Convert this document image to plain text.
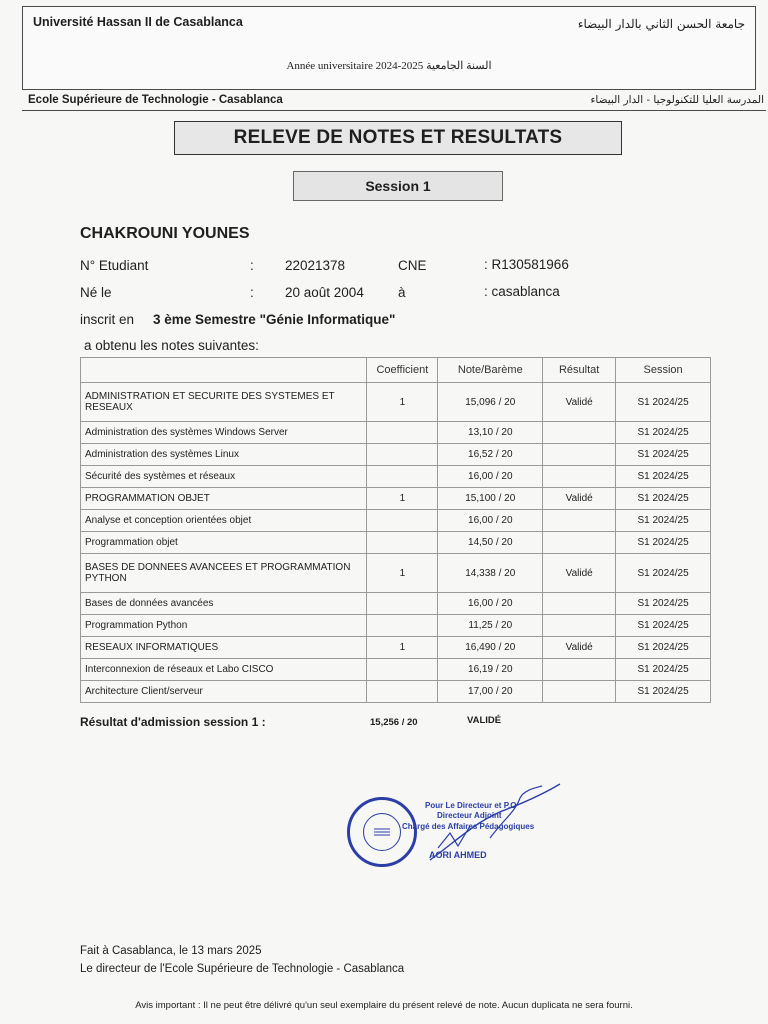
Université Hassan II de Casablanca	جامعة الحسن الثاني بالدار البيضاء
Année universitaire 2024-2025 السنة الجامعية
Ecole Supérieure de Technologie - Casablanca	المدرسة العليا للتكنولوجيا - الدار البيضاء
RELEVE DE NOTES ET RESULTATS
Session 1
CHAKROUNI YOUNES
N° Etudiant	: 22021378	CNE	: R130581966
Né le	: 20 août 2004	à	: casablanca
inscrit en 3 ème Semestre "Génie Informatique"
a obtenu les notes suivantes:
	Coefficient	Note/Barème	Résultat	Session
ADMINISTRATION ET SECURITE DES SYSTEMES ET RESEAUX	1	15,096 / 20	Validé	S1 2024/25
Administration des systèmes Windows Server		13,10 / 20		S1 2024/25
Administration des systèmes Linux		16,52 / 20		S1 2024/25
Sécurité des systèmes et réseaux		16,00 / 20		S1 2024/25
PROGRAMMATION OBJET	1	15,100 / 20	Validé	S1 2024/25
Analyse et conception orientées objet		16,00 / 20		S1 2024/25
Programmation objet		14,50 / 20		S1 2024/25
BASES DE DONNEES AVANCEES ET PROGRAMMATION PYTHON	1	14,338 / 20	Validé	S1 2024/25
Bases de données avancées		16,00 / 20		S1 2024/25
Programmation Python		11,25 / 20		S1 2024/25
RESEAUX INFORMATIQUES	1	16,490 / 20	Validé	S1 2024/25
Interconnexion de réseaux et Labo CISCO		16,19 / 20		S1 2024/25
Architecture Client/serveur		17,00 / 20		S1 2024/25
Résultat d'admission session 1 :	15,256 / 20	VALIDÉ
Pour Le Directeur et P.O
Directeur Adjoint
Chargé des Affaires Pédagogiques
AORI AHMED
Fait à Casablanca, le 13 mars 2025
Le directeur de l'Ecole Supérieure de Technologie - Casablanca
Avis important : Il ne peut être délivré qu'un seul exemplaire du présent relevé de note. Aucun duplicata ne sera fourni.
